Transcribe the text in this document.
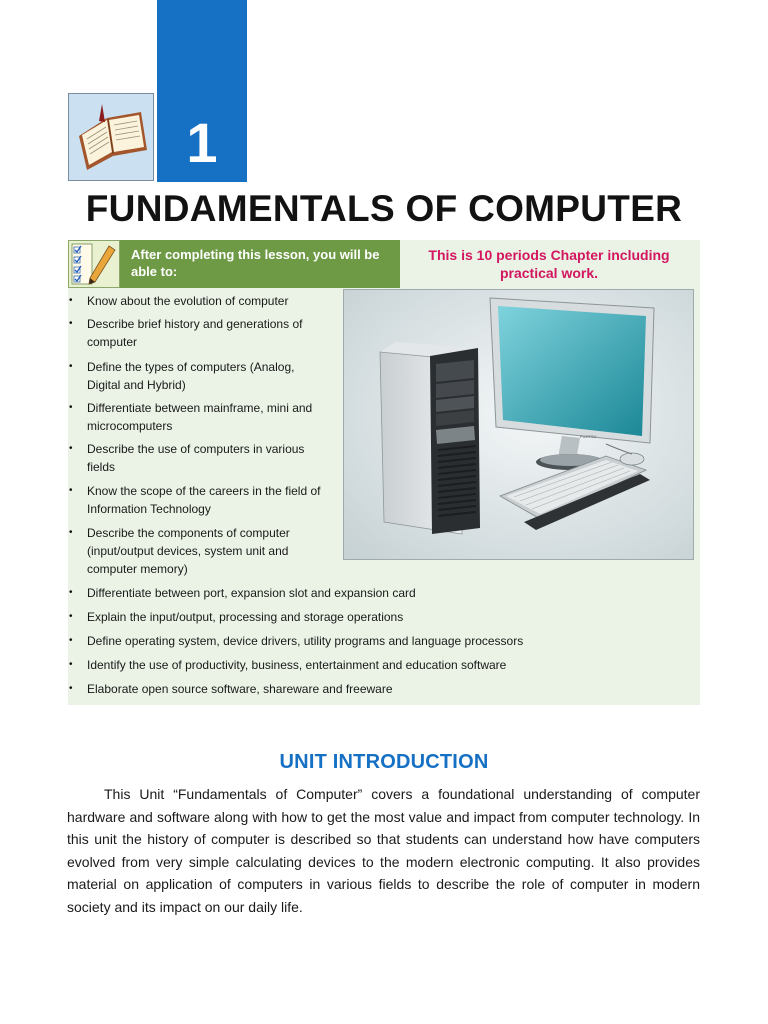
1
FUNDAMENTALS OF COMPUTER
After completing this lesson, you will be able to:
This is 10 periods Chapter including practical work.
• Know about the evolution of computer
• Describe brief history and generations of
computer
• Define the types of computers (Analog,
Digital and Hybrid)
• Differentiate between mainframe, mini and
microcomputers
• Describe the use of computers in various
fields
• Know the scope of the careers in the field of
Information Technology
• Describe the components of computer
(input/output devices, system unit and
computer memory)
• Differentiate between port, expansion slot and expansion card
• Explain the input/output, processing and storage operations
• Define operating system, device drivers, utility programs and language processors
• Identify the use of productivity, business, entertainment and education software
• Elaborate open source software, shareware and freeware
FUJITSU
UNIT INTRODUCTION

This Unit “Fundamentals of Computer” covers a foundational understanding of computer hardware and software along with how to get the most value and impact from computer technology. In this unit the history of computer is described so that students can understand how have computers evolved from very simple calculating devices to the modern electronic computing. It also provides material on application of computers in various fields to describe the role of computer in modern society and its impact on our daily life.
